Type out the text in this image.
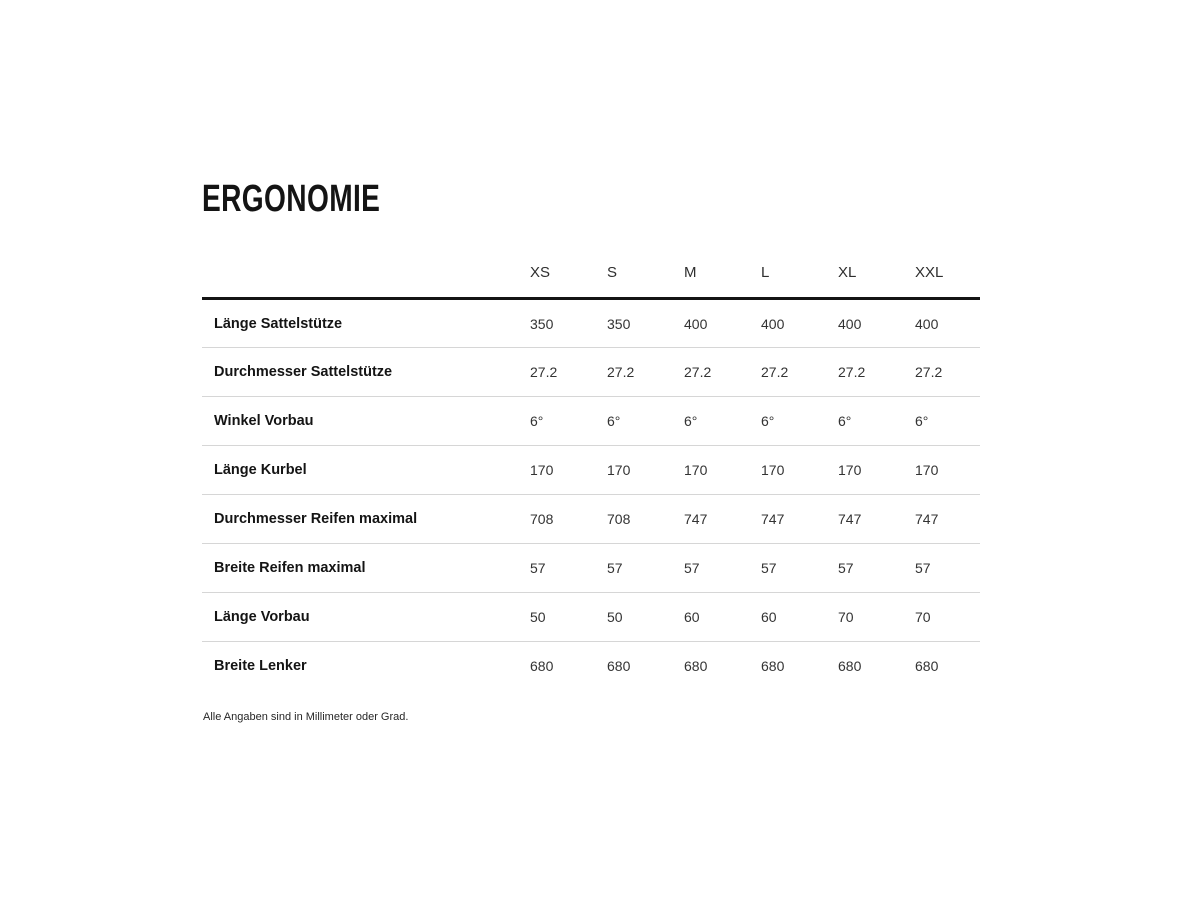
ERGONOMIE
	XS	S	M	L	XL	XXL
Länge Sattelstütze	350	350	400	400	400	400
Durchmesser Sattelstütze	27.2	27.2	27.2	27.2	27.2	27.2
Winkel Vorbau	6°	6°	6°	6°	6°	6°
Länge Kurbel	170	170	170	170	170	170
Durchmesser Reifen maximal	708	708	747	747	747	747
Breite Reifen maximal	57	57	57	57	57	57
Länge Vorbau	50	50	60	60	70	70
Breite Lenker	680	680	680	680	680	680

Alle Angaben sind in Millimeter oder Grad.
